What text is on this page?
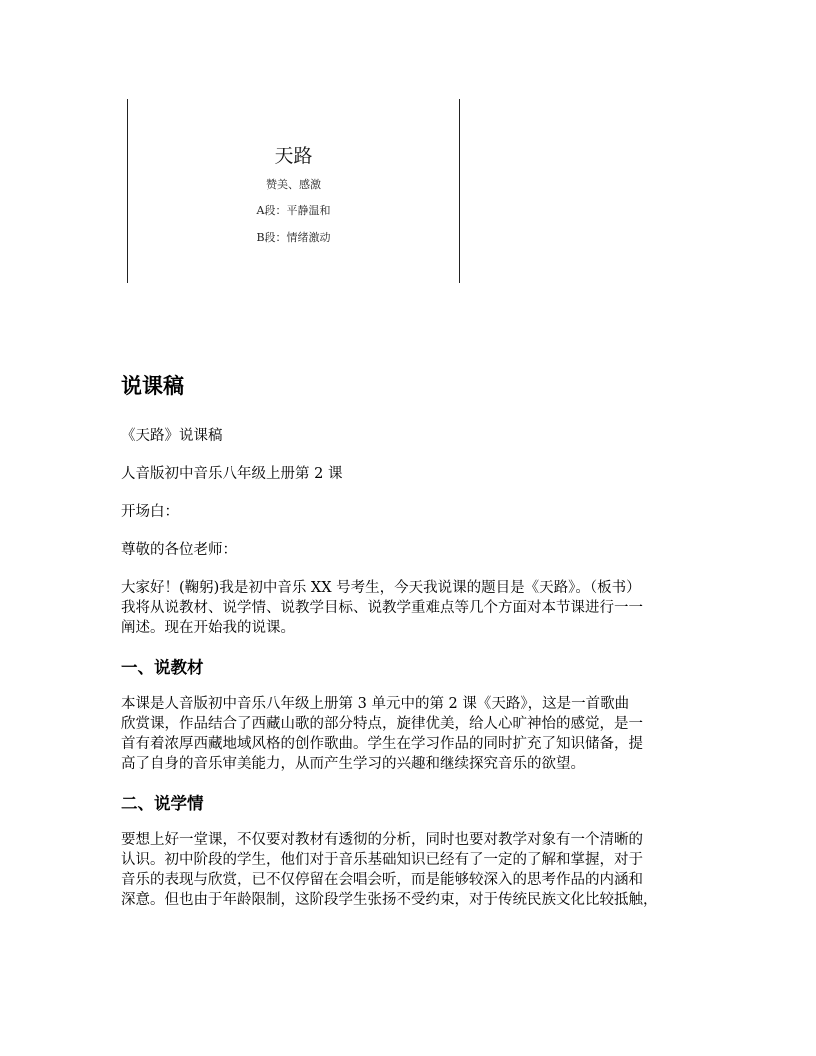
天路
赞美、感激
A段：平静温和
B段：情绪激动
说课稿

《天路》说课稿

人音版初中音乐八年级上册第 2 课

开场白：

尊敬的各位老师：

大家好！(鞠躬)我是初中音乐 XX 号考生，今天我说课的题目是《天路》。（板书）
我将从说教材、说学情、说教学目标、说教学重难点等几个方面对本节课进行一一
阐述。现在开始我的说课。

一、说教材

本课是人音版初中音乐八年级上册第 3 单元中的第 2 课《天路》，这是一首歌曲
欣赏课，作品结合了西藏山歌的部分特点，旋律优美，给人心旷神怡的感觉，是一
首有着浓厚西藏地域风格的创作歌曲。学生在学习作品的同时扩充了知识储备，提
高了自身的音乐审美能力，从而产生学习的兴趣和继续探究音乐的欲望。

二、说学情

要想上好一堂课，不仅要对教材有透彻的分析，同时也要对教学对象有一个清晰的
认识。初中阶段的学生，他们对于音乐基础知识已经有了一定的了解和掌握，对于
音乐的表现与欣赏，已不仅停留在会唱会听，而是能够较深入的思考作品的内涵和
深意。但也由于年龄限制，这阶段学生张扬不受约束，对于传统民族文化比较抵触，
